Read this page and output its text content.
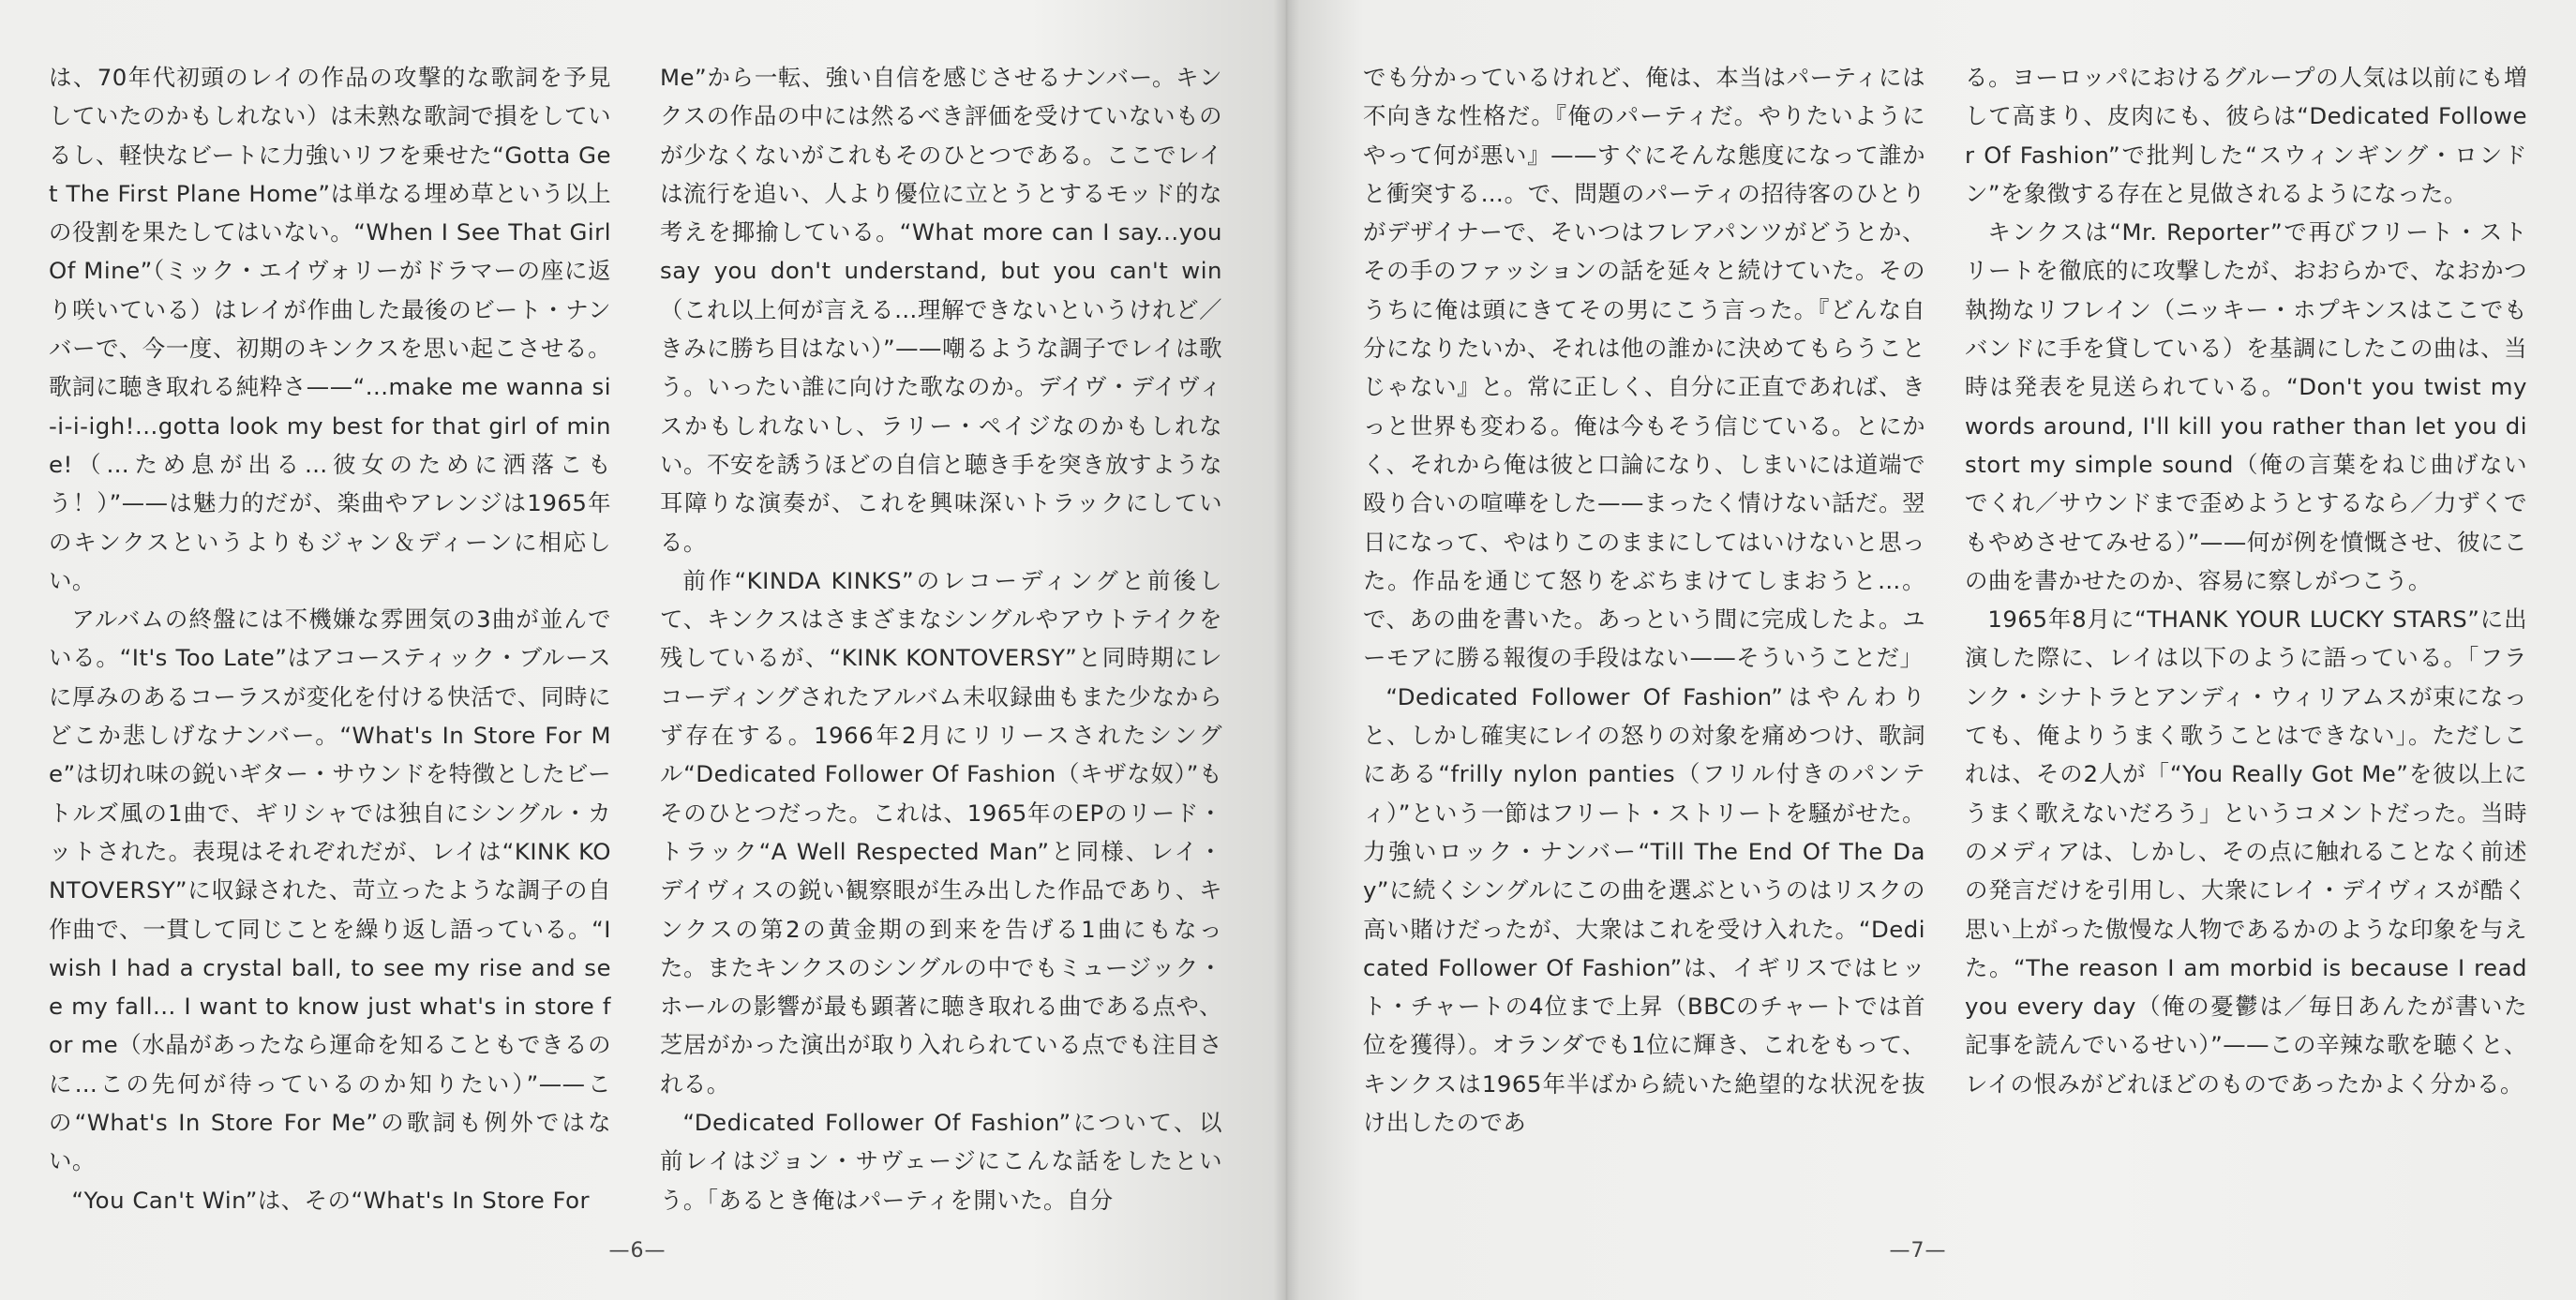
は、70年代初頭のレイの作品の攻撃的な歌詞を予見していたのかもしれない）は未熟な歌詞で損をしているし、軽快なビートに力強いリフを乗せた“Gotta Get The First Plane Home”は単なる埋め草という以上の役割を果たしてはいない。“When I See That Girl Of Mine”（ミック・エイヴォリーがドラマーの座に返り咲いている）はレイが作曲した最後のビート・ナンバーで、今一度、初期のキンクスを思い起こさせる。歌詞に聴き取れる純粋さ——“...make me wanna si-i-i-igh!...gotta look my best for that girl of mine!（…ため息が出る…彼女のために洒落こもう！）”——は魅力的だが、楽曲やアレンジは1965年のキンクスというよりもジャン＆ディーンに相応しい。

アルバムの終盤には不機嫌な雰囲気の3曲が並んでいる。“It's Too Late”はアコースティック・ブルースに厚みのあるコーラスが変化を付ける快活で、同時にどこか悲しげなナンバー。“What's In Store For Me”は切れ味の鋭いギター・サウンドを特徴としたビートルズ風の1曲で、ギリシャでは独自にシングル・カットされた。表現はそれぞれだが、レイは“KINK KONTOVERSY”に収録された、苛立ったような調子の自作曲で、一貫して同じことを繰り返し語っている。“I wish I had a crystal ball, to see my rise and see my fall... I want to know just what's in store for me（水晶があったなら運命を知ることもできるのに…この先何が待っているのか知りたい）”——この“What's In Store For Me”の歌詞も例外ではない。

“You Can't Win”は、その“What's In Store For

Me”から一転、強い自信を感じさせるナンバー。キンクスの作品の中には然るべき評価を受けていないものが少なくないがこれもそのひとつである。ここでレイは流行を追い、人より優位に立とうとするモッド的な考えを揶揄している。“What more can I say...you say you don't understand, but you can't win（これ以上何が言える…理解できないというけれど／きみに勝ち目はない）”——嘲るような調子でレイは歌う。いったい誰に向けた歌なのか。デイヴ・デイヴィスかもしれないし、ラリー・ペイジなのかもしれない。不安を誘うほどの自信と聴き手を突き放すような耳障りな演奏が、これを興味深いトラックにしている。

前作“KINDA KINKS”のレコーディングと前後して、キンクスはさまざまなシングルやアウトテイクを残しているが、“KINK KONTOVERSY”と同時期にレコーディングされたアルバム未収録曲もまた少なからず存在する。1966年2月にリリースされたシングル“Dedicated Follower Of Fashion（キザな奴）”もそのひとつだった。これは、1965年のEPのリード・トラック“A Well Respected Man”と同様、レイ・デイヴィスの鋭い観察眼が生み出した作品であり、キンクスの第2の黄金期の到来を告げる1曲にもなった。またキンクスのシングルの中でもミュージック・ホールの影響が最も顕著に聴き取れる曲である点や、芝居がかった演出が取り入れられている点でも注目される。

“Dedicated Follower Of Fashion”について、以前レイはジョン・サヴェージにこんな話をしたという。「あるとき俺はパーティを開いた。自分

—6—

でも分かっているけれど、俺は、本当はパーティには不向きな性格だ。『俺のパーティだ。やりたいようにやって何が悪い』——すぐにそんな態度になって誰かと衝突する…。で、問題のパーティの招待客のひとりがデザイナーで、そいつはフレアパンツがどうとか、その手のファッションの話を延々と続けていた。そのうちに俺は頭にきてその男にこう言った。『どんな自分になりたいか、それは他の誰かに決めてもらうことじゃない』と。常に正しく、自分に正直であれば、きっと世界も変わる。俺は今もそう信じている。とにかく、それから俺は彼と口論になり、しまいには道端で殴り合いの喧嘩をした——まったく情けない話だ。翌日になって、やはりこのままにしてはいけないと思った。作品を通じて怒りをぶちまけてしまおうと…。で、あの曲を書いた。あっという間に完成したよ。ユーモアに勝る報復の手段はない——そういうことだ」

“Dedicated Follower Of Fashion”はやんわりと、しかし確実にレイの怒りの対象を痛めつけ、歌詞にある“frilly nylon panties（フリル付きのパンティ）”という一節はフリート・ストリートを騒がせた。力強いロック・ナンバー“Till The End Of The Day”に続くシングルにこの曲を選ぶというのはリスクの高い賭けだったが、大衆はこれを受け入れた。“Dedicated Follower Of Fashion”は、イギリスではヒット・チャートの4位まで上昇（BBCのチャートでは首位を獲得）。オランダでも1位に輝き、これをもって、キンクスは1965年半ばから続いた絶望的な状況を抜け出したのであ

る。ヨーロッパにおけるグループの人気は以前にも増して高まり、皮肉にも、彼らは“Dedicated Follower Of Fashion”で批判した“スウィンギング・ロンドン”を象徴する存在と見做されるようになった。

キンクスは“Mr. Reporter”で再びフリート・ストリートを徹底的に攻撃したが、おおらかで、なおかつ執拗なリフレイン（ニッキー・ホプキンスはここでもバンドに手を貸している）を基調にしたこの曲は、当時は発表を見送られている。“Don't you twist my words around, I'll kill you rather than let you distort my simple sound（俺の言葉をねじ曲げないでくれ／サウンドまで歪めようとするなら／力ずくでもやめさせてみせる）”——何が例を憤慨させ、彼にこの曲を書かせたのか、容易に察しがつこう。

1965年8月に“THANK YOUR LUCKY STARS”に出演した際に、レイは以下のように語っている。「フランク・シナトラとアンディ・ウィリアムスが束になっても、俺よりうまく歌うことはできない」。ただしこれは、その2人が「“You Really Got Me”を彼以上にうまく歌えないだろう」というコメントだった。当時のメディアは、しかし、その点に触れることなく前述の発言だけを引用し、大衆にレイ・デイヴィスが酷く思い上がった傲慢な人物であるかのような印象を与えた。“The reason I am morbid is because I read you every day（俺の憂鬱は／毎日あんたが書いた記事を読んでいるせい）”——この辛辣な歌を聴くと、レイの恨みがどれほどのものであったかよく分かる。

—7—
